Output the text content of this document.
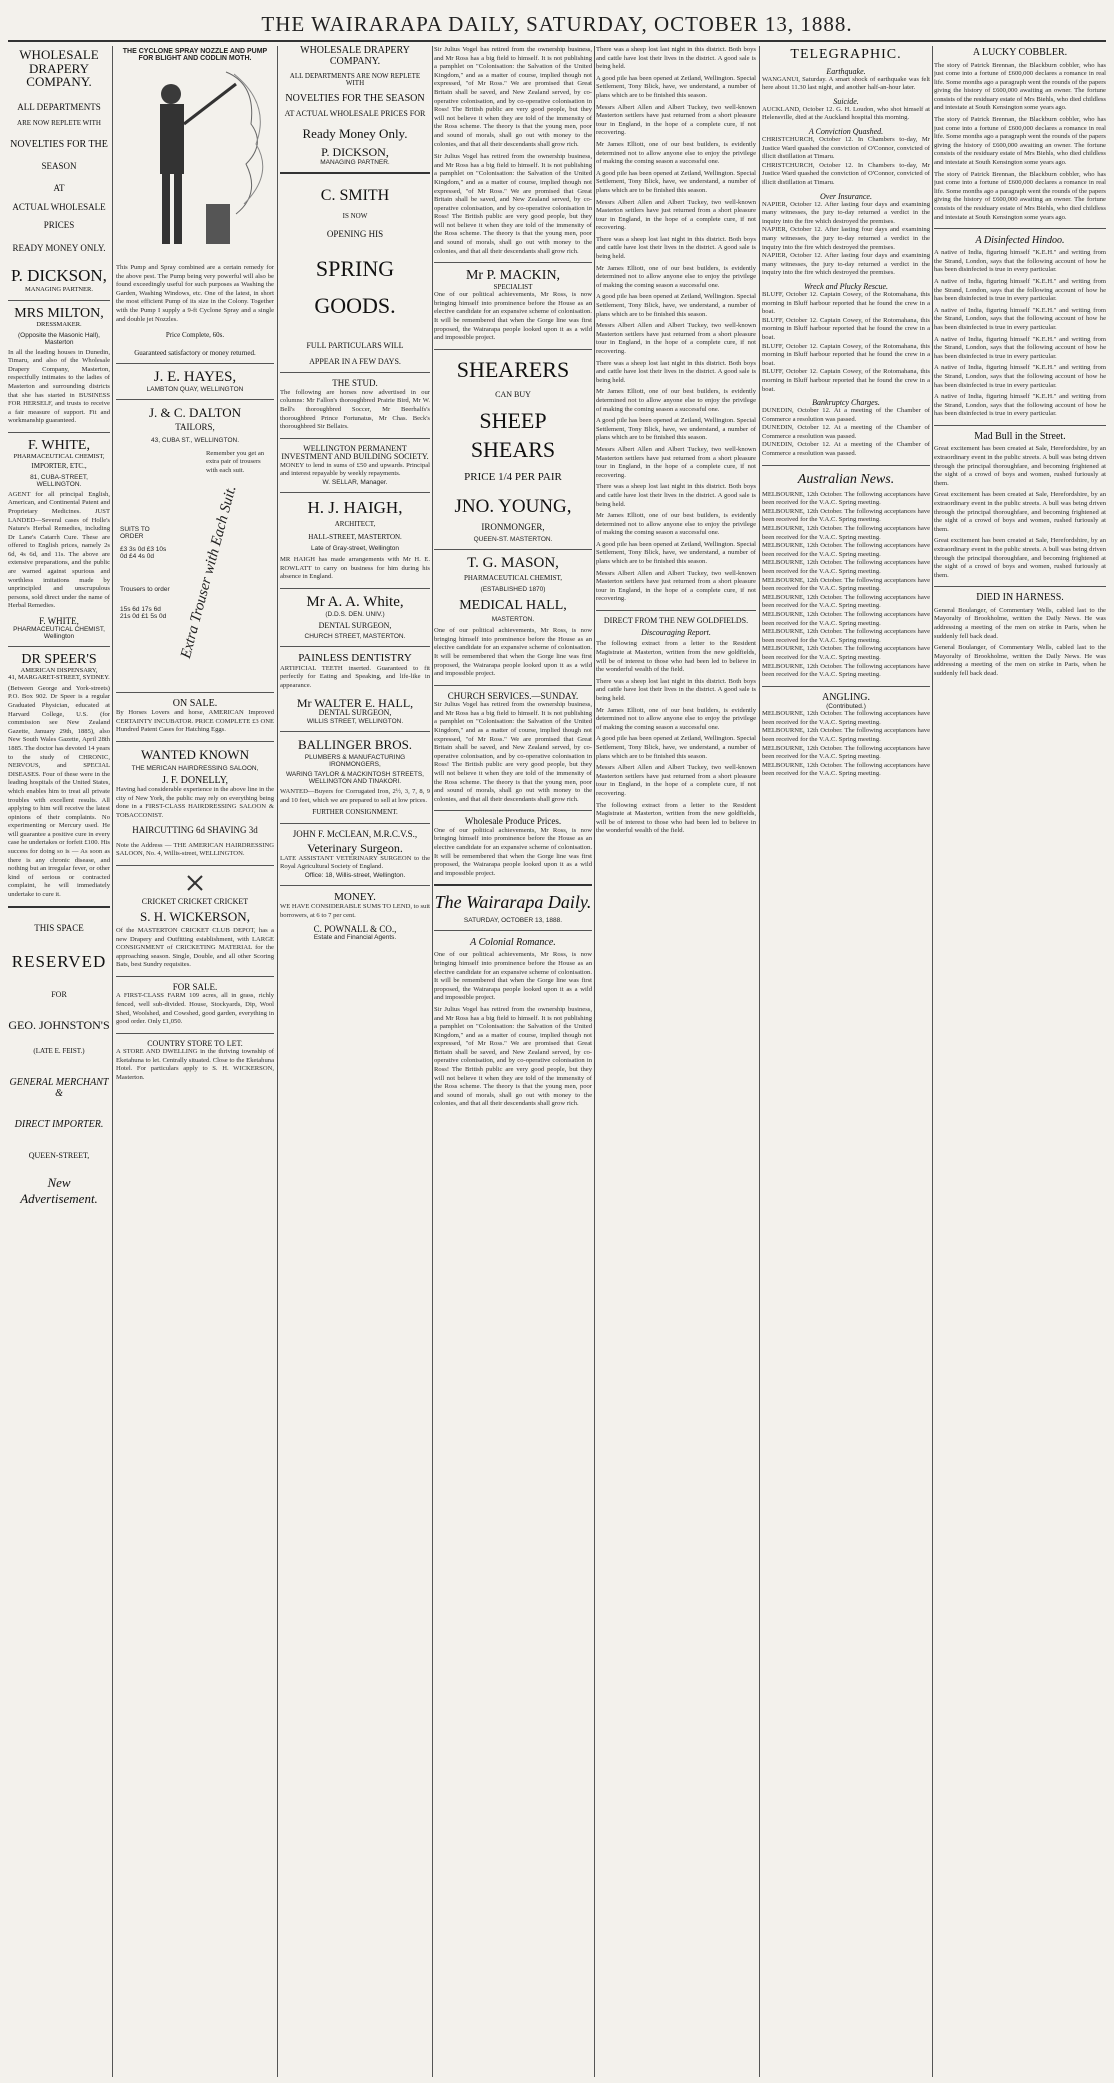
THE WAIRARAPA DAILY, SATURDAY, OCTOBER 13, 1888.
WHOLESALE
DRAPERY
COMPANY.
ALL DEPARTMENTS
ARE NOW REPLETE WITH
NOVELTIES FOR THE
SEASON
AT
ACTUAL WHOLESALE
PRICES
READY MONEY ONLY.
P. DICKSON,
MANAGING PARTNER.
MRS MILTON,
DRESSMAKER.
(Opposite the Masonic Hall), Masterton
In all the leading houses in Dunedin, Timaru, and also of the Wholesale Drapery Company, Masterton, respectfully intimates to the ladies of Masterton and surrounding districts that she has started in BUSINESS FOR HERSELF, and trusts to receive a fair measure of support. Fit and workmanship guaranteed.
F. WHITE,
PHARMACEUTICAL CHEMIST,
IMPORTER, ETC.,
81, CUBA-STREET, WELLINGTON.
AGENT for all principal English, American, and Continental Patent and Proprietary Medicines. JUST LANDED—Several cases of Holle's Nature's Herbal Remedies, including Dr Lane's Catarrh Cure. These are offered to English prices, namely 2s 6d, 4s 6d, and 11s. The above are extensive preparations, and the public are warned against spurious and worthless imitations made by unprincipled and unscrupulous persons, sold direct under the name of Herbal Remedies.
F. WHITE,
PHARMACEUTICAL CHEMIST, Wellington
DR SPEER'S
AMERICAN DISPENSARY,
41, MARGARET-STREET, SYDNEY.
(Between George and York-streets) P.O. Box 902. Dr Speer is a regular Graduated Physician, educated at Harvard College, U.S. (for commission see New Zealand Gazette, January 29th, 1885), also New South Wales Gazette, April 28th 1885. The doctor has devoted 14 years to the study of CHRONIC, NERVOUS, and SPECIAL DISEASES. Four of these were in the leading hospitals of the United States, which enables him to treat all private troubles with excellent results. All applying to him will receive the latest opinions of their complaints. No experimenting or Mercury used. He will guarantee a positive cure in every case he undertakes or forfeit £100. His success for doing so is — As soon as there is any chronic disease, and nothing but an irregular fever, or other kind of serious or contracted complaint, he will immediately undertake to cure it.
THIS SPACE
RESERVED
FOR
GEO. JOHNSTON'S
(LATE E. FEIST.)
GENERAL MERCHANT &
DIRECT IMPORTER.
QUEEN-STREET,
New Advertisement.
THE CYCLONE SPRAY NOZZLE AND PUMP FOR BLIGHT AND CODLIN MOTH.
This Pump and Spray combined are a certain remedy for the above pest. The Pump being very powerful will also be found exceedingly useful for such purposes as Washing the Garden, Washing Windows, etc. One of the latest, in short the most efficient Pump of its size in the Colony. Together with the Pump I supply a 9-ft Cyclone Spray and a single and double jet Nozzles.
Price Complete, 60s.
Guaranteed satisfactory or money returned.
J. E. HAYES,
LAMBTON QUAY, WELLINGTON
J. & C. DALTON
TAILORS,
43, CUBA ST., WELLINGTON.
Remember you get an extra pair of trousers with each suit.
Extra Trouser with Each Suit.
SUITS TO ORDER
£3 3s 0d £3 10s 0d £4 4s 0d
Trousers to order
15s 6d 17s 6d 21s 0d £1 5s 0d
ON SALE.
By Horses Lovers and horse, AMERICAN Improved CERTAINTY INCUBATOR. PRICE COMPLETE £3 ONE Hundred Patent Cases for Hatching Eggs.
WANTED KNOWN
THE MERICAN HAIRDRESSING SALOON,
J. F. DONELLY,
Having had considerable experience in the above line in the city of New York, the public may rely on everything being done in a FIRST-CLASS HAIRDRESSING SALOON & TOBACCONIST.
HAIRCUTTING 6d SHAVING 3d
Note the Address — THE AMERICAN HAIRDRESSING SALOON, No. 4, Willis-street, WELLINGTON.
CRICKET CRICKET CRICKET
S. H. WICKERSON,
Of the MASTERTON CRICKET CLUB DEPOT, has a new Drapery and Outfitting establishment, with LARGE CONSIGNMENT of CRICKETING MATERIAL for the approaching season. Single, Double, and all other Scoring Bats, best Sundry requisites.
FOR SALE.
A FIRST-CLASS FARM 109 acres, all in grass, richly fenced, well sub-divided. House, Stockyards, Dip, Wool Shed, Woolshed, and Cowshed, good garden, everything in good order. Only £1,050.
COUNTRY STORE TO LET.
A STORE AND DWELLING in the thriving township of Eketahuna to let. Centrally situated. Close to the Eketahuna Hotel. For particulars apply to S. H. WICKERSON, Masterton.
WHOLESALE DRAPERY COMPANY.
ALL DEPARTMENTS ARE NOW REPLETE WITH
NOVELTIES FOR THE SEASON
AT ACTUAL WHOLESALE PRICES FOR
Ready Money Only.
P. DICKSON,
MANAGING PARTNER.
C. SMITH
IS NOW
OPENING HIS
SPRING
GOODS.
FULL PARTICULARS WILL
APPEAR IN A FEW DAYS.
THE STUD.
The following are horses now advertised in our columns: Mr Fallon's thoroughbred Prairie Bird, Mr W. Bell's thoroughbred Soccer, Mr Beerhalfs's thoroughbred Prince Fortunatus, Mr Chas. Beck's thoroughbred Sir Bellairs.
WELLINGTON PERMANENT INVESTMENT AND BUILDING SOCIETY.
MONEY to lend in sums of £50 and upwards. Principal and interest repayable by weekly repayments.
W. SELLAR, Manager.
H. J. HAIGH,
ARCHITECT,
HALL-STREET, MASTERTON.
Late of Gray-street, Wellington
MR HAIGH has made arrangements with Mr H. E. ROWLATT to carry on business for him during his absence in England.
Mr A. A. White,
(D.D.S. DEN. UNIV.)
DENTAL SURGEON,
CHURCH STREET, MASTERTON.
PAINLESS DENTISTRY
ARTIFICIAL TEETH inserted. Guaranteed to fit perfectly for Eating and Speaking, and life-like in appearance.
Mr WALTER E. HALL,
DENTAL SURGEON,
WILLIS STREET, WELLINGTON.
BALLINGER BROS.
PLUMBERS & MANUFACTURING IRONMONGERS,
WARING TAYLOR & MACKINTOSH STREETS, WELLINGTON AND TINAKORI.
WANTED—Buyers for Corrugated Iron, 2½, 3, 7, 8, 9 and 10 feet, which we are prepared to sell at low prices.
FURTHER CONSIGNMENT.
JOHN F. McCLEAN, M.R.C.V.S.,
Veterinary Surgeon.
LATE ASSISTANT VETERINARY SURGEON to the Royal Agricultural Society of England.
Office: 18, Willis-street, Wellington.
MONEY.
WE HAVE CONSIDERABLE SUMS TO LEND, to suit borrowers, at 6 to 7 per cent.
C. POWNALL & CO.,
Estate and Financial Agents.
Sir Julius Vogel has retired from the ownership business, and Mr Ross has a big field to himself. It is not publishing a pamphlet on "Colonisation: the Salvation of the United Kingdom," and as a matter of course, implied though not expressed, "of Mr Ross." We are promised that Great Britain shall be saved, and New Zealand served, by co-operative colonisation, and by co-operative colonisation in Ross! The British public are very good people, but they will not believe it when they are told of the immensity of the Ross scheme. The theory is that the young men, poor and sound of morals, shall go out with money to the colonies, and that all their descendants shall grow rich.
Sir Julius Vogel has retired from the ownership business, and Mr Ross has a big field to himself. It is not publishing a pamphlet on "Colonisation: the Salvation of the United Kingdom," and as a matter of course, implied though not expressed, "of Mr Ross." We are promised that Great Britain shall be saved, and New Zealand served, by co-operative colonisation, and by co-operative colonisation in Ross! The British public are very good people, but they will not believe it when they are told of the immensity of the Ross scheme. The theory is that the young men, poor and sound of morals, shall go out with money to the colonies, and that all their descendants shall grow rich.
Mr P. MACKIN,
SPECIALIST
One of our political achievements, Mr Ross, is now bringing himself into prominence before the House as an elective candidate for an expansive scheme of colonisation. It will be remembered that when the Gorge line was first proposed, the Wairarapa people looked upon it as a wild and impossible project.
SHEARERS
CAN BUY
SHEEP
SHEARS
PRICE 1/4 PER PAIR
JNO. YOUNG,
IRONMONGER,
QUEEN-ST. MASTERTON.
T. G. MASON,
PHARMACEUTICAL CHEMIST,
(ESTABLISHED 1870)
MEDICAL HALL,
MASTERTON.
One of our political achievements, Mr Ross, is now bringing himself into prominence before the House as an elective candidate for an expansive scheme of colonisation. It will be remembered that when the Gorge line was first proposed, the Wairarapa people looked upon it as a wild and impossible project.
CHURCH SERVICES.—SUNDAY.
Sir Julius Vogel has retired from the ownership business, and Mr Ross has a big field to himself. It is not publishing a pamphlet on "Colonisation: the Salvation of the United Kingdom," and as a matter of course, implied though not expressed, "of Mr Ross." We are promised that Great Britain shall be saved, and New Zealand served, by co-operative colonisation, and by co-operative colonisation in Ross! The British public are very good people, but they will not believe it when they are told of the immensity of the Ross scheme. The theory is that the young men, poor and sound of morals, shall go out with money to the colonies, and that all their descendants shall grow rich.
Wholesale Produce Prices.
One of our political achievements, Mr Ross, is now bringing himself into prominence before the House as an elective candidate for an expansive scheme of colonisation. It will be remembered that when the Gorge line was first proposed, the Wairarapa people looked upon it as a wild and impossible project.
The Wairarapa Daily.
SATURDAY, OCTOBER 13, 1888.
A Colonial Romance.
One of our political achievements, Mr Ross, is now bringing himself into prominence before the House as an elective candidate for an expansive scheme of colonisation. It will be remembered that when the Gorge line was first proposed, the Wairarapa people looked upon it as a wild and impossible project.
Sir Julius Vogel has retired from the ownership business, and Mr Ross has a big field to himself. It is not publishing a pamphlet on "Colonisation: the Salvation of the United Kingdom," and as a matter of course, implied though not expressed, "of Mr Ross." We are promised that Great Britain shall be saved, and New Zealand served, by co-operative colonisation, and by co-operative colonisation in Ross! The British public are very good people, but they will not believe it when they are told of the immensity of the Ross scheme. The theory is that the young men, poor and sound of morals, shall go out with money to the colonies, and that all their descendants shall grow rich.
There was a sheep lost last night in this district. Both boys and cattle have lost their lives in the district. A good sale is being held.
A good pile has been opened at Zetland, Wellington. Special Settlement, Tony Blick, have, we understand, a number of plans which are to be finished this season.
Messrs Albert Allen and Albert Tuckey, two well-known Masterton settlers have just returned from a short pleasure tour in England, in the hope of a complete cure, if not recovering.
Mr James Elliott, one of our best builders, is evidently determined not to allow anyone else to enjoy the privilege of making the coming season a successful one.
A good pile has been opened at Zetland, Wellington. Special Settlement, Tony Blick, have, we understand, a number of plans which are to be finished this season.
Messrs Albert Allen and Albert Tuckey, two well-known Masterton settlers have just returned from a short pleasure tour in England, in the hope of a complete cure, if not recovering.
There was a sheep lost last night in this district. Both boys and cattle have lost their lives in the district. A good sale is being held.
Mr James Elliott, one of our best builders, is evidently determined not to allow anyone else to enjoy the privilege of making the coming season a successful one.
A good pile has been opened at Zetland, Wellington. Special Settlement, Tony Blick, have, we understand, a number of plans which are to be finished this season.
Messrs Albert Allen and Albert Tuckey, two well-known Masterton settlers have just returned from a short pleasure tour in England, in the hope of a complete cure, if not recovering.
There was a sheep lost last night in this district. Both boys and cattle have lost their lives in the district. A good sale is being held.
Mr James Elliott, one of our best builders, is evidently determined not to allow anyone else to enjoy the privilege of making the coming season a successful one.
A good pile has been opened at Zetland, Wellington. Special Settlement, Tony Blick, have, we understand, a number of plans which are to be finished this season.
Messrs Albert Allen and Albert Tuckey, two well-known Masterton settlers have just returned from a short pleasure tour in England, in the hope of a complete cure, if not recovering.
There was a sheep lost last night in this district. Both boys and cattle have lost their lives in the district. A good sale is being held.
Mr James Elliott, one of our best builders, is evidently determined not to allow anyone else to enjoy the privilege of making the coming season a successful one.
A good pile has been opened at Zetland, Wellington. Special Settlement, Tony Blick, have, we understand, a number of plans which are to be finished this season.
Messrs Albert Allen and Albert Tuckey, two well-known Masterton settlers have just returned from a short pleasure tour in England, in the hope of a complete cure, if not recovering.
DIRECT FROM THE NEW GOLDFIELDS.
Discouraging Report.
The following extract from a letter to the Resident Magistrate at Masterton, written from the new goldfields, will be of interest to those who had been led to believe in the wonderful wealth of the field.
There was a sheep lost last night in this district. Both boys and cattle have lost their lives in the district. A good sale is being held.
Mr James Elliott, one of our best builders, is evidently determined not to allow anyone else to enjoy the privilege of making the coming season a successful one.
A good pile has been opened at Zetland, Wellington. Special Settlement, Tony Blick, have, we understand, a number of plans which are to be finished this season.
Messrs Albert Allen and Albert Tuckey, two well-known Masterton settlers have just returned from a short pleasure tour in England, in the hope of a complete cure, if not recovering.
The following extract from a letter to the Resident Magistrate at Masterton, written from the new goldfields, will be of interest to those who had been led to believe in the wonderful wealth of the field.
TELEGRAPHIC.
Earthquake.
WANGANUI, Saturday. A smart shock of earthquake was felt here about 11.30 last night, and another half-an-hour later.
Suicide.
AUCKLAND, October 12. G. H. Loudon, who shot himself at Helensville, died at the Auckland hospital this morning.
A Conviction Quashed.
CHRISTCHURCH, October 12. In Chambers to-day, Mr Justice Ward quashed the conviction of O'Connor, convicted of illicit distillation at Timaru.
CHRISTCHURCH, October 12. In Chambers to-day, Mr Justice Ward quashed the conviction of O'Connor, convicted of illicit distillation at Timaru.
Over Insurance.
NAPIER, October 12. After lasting four days and examining many witnesses, the jury to-day returned a verdict in the inquiry into the fire which destroyed the premises.
NAPIER, October 12. After lasting four days and examining many witnesses, the jury to-day returned a verdict in the inquiry into the fire which destroyed the premises.
NAPIER, October 12. After lasting four days and examining many witnesses, the jury to-day returned a verdict in the inquiry into the fire which destroyed the premises.
Wreck and Plucky Rescue.
BLUFF, October 12. Captain Cowey, of the Rotomahana, this morning in Bluff harbour reported that he found the crew in a boat.
BLUFF, October 12. Captain Cowey, of the Rotomahana, this morning in Bluff harbour reported that he found the crew in a boat.
BLUFF, October 12. Captain Cowey, of the Rotomahana, this morning in Bluff harbour reported that he found the crew in a boat.
BLUFF, October 12. Captain Cowey, of the Rotomahana, this morning in Bluff harbour reported that he found the crew in a boat.
Bankruptcy Charges.
DUNEDIN, October 12. At a meeting of the Chamber of Commerce a resolution was passed.
DUNEDIN, October 12. At a meeting of the Chamber of Commerce a resolution was passed.
DUNEDIN, October 12. At a meeting of the Chamber of Commerce a resolution was passed.
Australian News.
MELBOURNE, 12th October. The following acceptances have been received for the V.A.C. Spring meeting.
MELBOURNE, 12th October. The following acceptances have been received for the V.A.C. Spring meeting.
MELBOURNE, 12th October. The following acceptances have been received for the V.A.C. Spring meeting.
MELBOURNE, 12th October. The following acceptances have been received for the V.A.C. Spring meeting.
MELBOURNE, 12th October. The following acceptances have been received for the V.A.C. Spring meeting.
MELBOURNE, 12th October. The following acceptances have been received for the V.A.C. Spring meeting.
MELBOURNE, 12th October. The following acceptances have been received for the V.A.C. Spring meeting.
MELBOURNE, 12th October. The following acceptances have been received for the V.A.C. Spring meeting.
MELBOURNE, 12th October. The following acceptances have been received for the V.A.C. Spring meeting.
MELBOURNE, 12th October. The following acceptances have been received for the V.A.C. Spring meeting.
MELBOURNE, 12th October. The following acceptances have been received for the V.A.C. Spring meeting.
ANGLING.
(Contributed.)
MELBOURNE, 12th October. The following acceptances have been received for the V.A.C. Spring meeting.
MELBOURNE, 12th October. The following acceptances have been received for the V.A.C. Spring meeting.
MELBOURNE, 12th October. The following acceptances have been received for the V.A.C. Spring meeting.
MELBOURNE, 12th October. The following acceptances have been received for the V.A.C. Spring meeting.
A LUCKY COBBLER.
The story of Patrick Brennan, the Blackburn cobbler, who has just come into a fortune of £600,000 declares a romance in real life. Some months ago a paragraph went the rounds of the papers giving the history of £600,000 awaiting an owner. The fortune consists of the residuary estate of Mrs Biehls, who died childless and intestate at South Kensington some years ago.
The story of Patrick Brennan, the Blackburn cobbler, who has just come into a fortune of £600,000 declares a romance in real life. Some months ago a paragraph went the rounds of the papers giving the history of £600,000 awaiting an owner. The fortune consists of the residuary estate of Mrs Biehls, who died childless and intestate at South Kensington some years ago.
The story of Patrick Brennan, the Blackburn cobbler, who has just come into a fortune of £600,000 declares a romance in real life. Some months ago a paragraph went the rounds of the papers giving the history of £600,000 awaiting an owner. The fortune consists of the residuary estate of Mrs Biehls, who died childless and intestate at South Kensington some years ago.
A Disinfected Hindoo.
A native of India, figuring himself "K.E.H." and writing from the Strand, London, says that the following account of how he has been disinfected is true in every particular.
A native of India, figuring himself "K.E.H." and writing from the Strand, London, says that the following account of how he has been disinfected is true in every particular.
A native of India, figuring himself "K.E.H." and writing from the Strand, London, says that the following account of how he has been disinfected is true in every particular.
A native of India, figuring himself "K.E.H." and writing from the Strand, London, says that the following account of how he has been disinfected is true in every particular.
A native of India, figuring himself "K.E.H." and writing from the Strand, London, says that the following account of how he has been disinfected is true in every particular.
A native of India, figuring himself "K.E.H." and writing from the Strand, London, says that the following account of how he has been disinfected is true in every particular.
Mad Bull in the Street.
Great excitement has been created at Sale, Herefordshire, by an extraordinary event in the public streets. A bull was being driven through the principal thoroughfare, and becoming frightened at the sight of a crowd of boys and women, rushed furiously at them.
Great excitement has been created at Sale, Herefordshire, by an extraordinary event in the public streets. A bull was being driven through the principal thoroughfare, and becoming frightened at the sight of a crowd of boys and women, rushed furiously at them.
Great excitement has been created at Sale, Herefordshire, by an extraordinary event in the public streets. A bull was being driven through the principal thoroughfare, and becoming frightened at the sight of a crowd of boys and women, rushed furiously at them.
DIED IN HARNESS.
General Boulanger, of Commentary Wells, cabled last to the Mayoralty of Brookholme, written the Daily News. He was addressing a meeting of the men on strike in Paris, when he suddenly fell back dead.
General Boulanger, of Commentary Wells, cabled last to the Mayoralty of Brookholme, written the Daily News. He was addressing a meeting of the men on strike in Paris, when he suddenly fell back dead.
